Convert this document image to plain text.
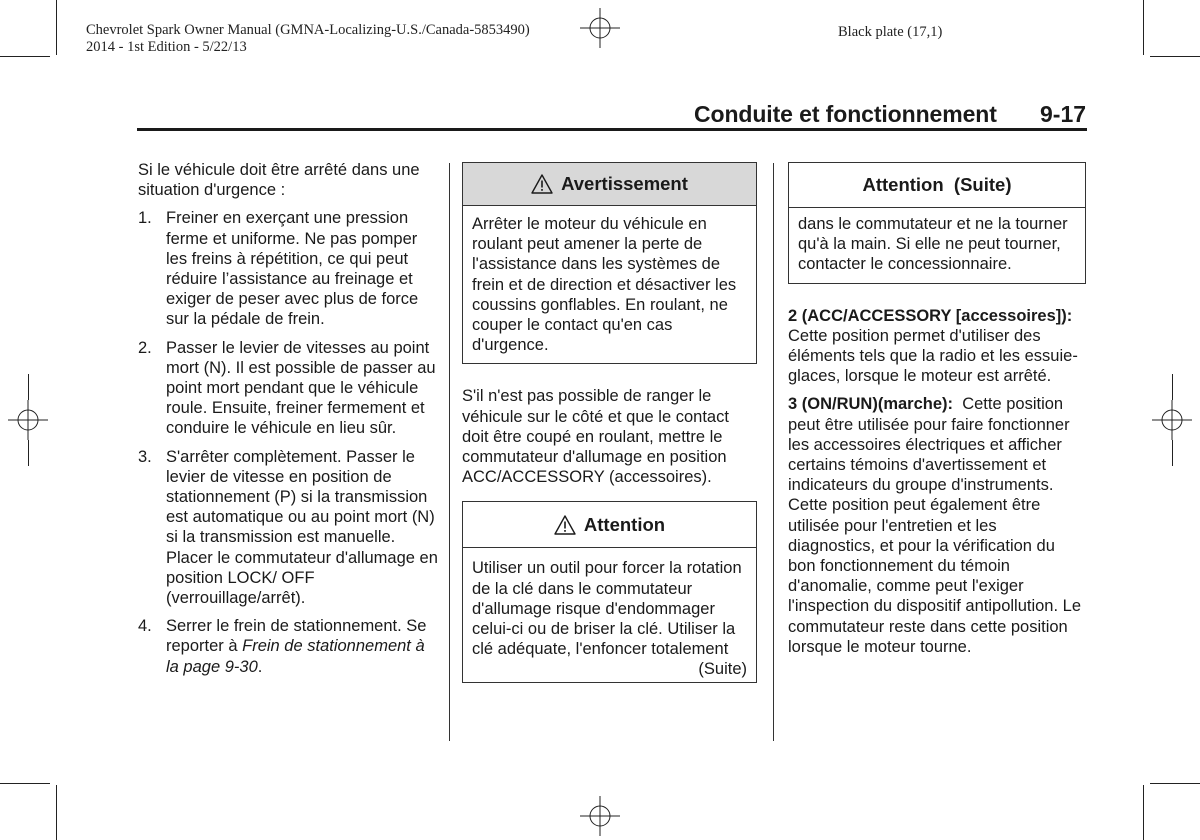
Chevrolet Spark Owner Manual (GMNA-Localizing-U.S./Canada-5853490)
2014 - 1st Edition - 5/22/13
Black plate (17,1)
Conduite et fonctionnement 9-17

Si le véhicule doit être arrêté dans une situation d'urgence :

1. Freiner en exerçant une pression ferme et uniforme. Ne pas pomper les freins à répétition, ce qui peut réduire l’assistance au freinage et exiger de peser avec plus de force sur la pédale de frein.
2. Passer le levier de vitesses au point mort (N). Il est possible de passer au point mort pendant que le véhicule roule. Ensuite, freiner fermement et conduire le véhicule en lieu sûr.
3. S'arrêter complètement. Passer le levier de vitesse en position de stationnement (P) si la transmission est automatique ou au point mort (N) si la transmission est manuelle. Placer le commutateur d'allumage en position LOCK/ OFF (verrouillage/arrêt).
4. Serrer le frein de stationnement. Se reporter à Frein de stationnement à la page 9-30.
Avertissement
Arrêter le moteur du véhicule en roulant peut amener la perte de l'assistance dans les systèmes de frein et de direction et désactiver les coussins gonflables. En roulant, ne couper le contact qu'en cas d'urgence.

S'il n'est pas possible de ranger le véhicule sur le côté et que le contact doit être coupé en roulant, mettre le commutateur d'allumage en position ACC/ACCESSORY (accessoires).

Attention
Utiliser un outil pour forcer la rotation de la clé dans le commutateur d'allumage risque d'endommager celui-ci ou de briser la clé. Utiliser la clé adéquate, l'enfoncer totalement
(Suite)
Attention  (Suite)
dans le commutateur et ne la tourner qu'à la main. Si elle ne peut tourner, contacter le concessionnaire.

2 (ACC/ACCESSORY [accessoires]):  Cette position permet d'utiliser des éléments tels que la radio et les essuie-glaces, lorsque le moteur est arrêté.

3 (ON/RUN)(marche):  Cette position peut être utilisée pour faire fonctionner les accessoires électriques et afficher certains témoins d'avertissement et indicateurs du groupe d'instruments. Cette position peut également être utilisée pour l'entretien et les diagnostics, et pour la vérification du bon fonctionnement du témoin d'anomalie, comme peut l'exiger l'inspection du dispositif antipollution. Le commutateur reste dans cette position lorsque le moteur tourne.
